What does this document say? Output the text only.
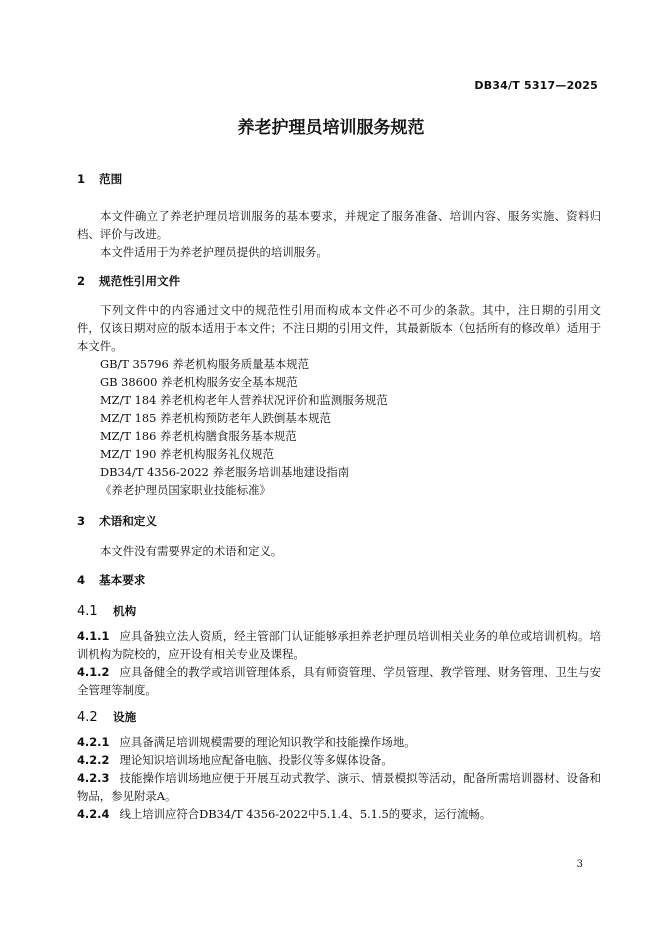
DB34/T 5317—2025
养老护理员培训服务规范

1 范围

本文件确立了养老护理员培训服务的基本要求，并规定了服务准备、培训内容、服务实施、资料归档、评价与改进。

本文件适用于为养老护理员提供的培训服务。

2 规范性引用文件

下列文件中的内容通过文中的规范性引用而构成本文件必不可少的条款。其中，注日期的引用文件，仅该日期对应的版本适用于本文件；不注日期的引用文件，其最新版本（包括所有的修改单）适用于本文件。

GB/T 35796 养老机构服务质量基本规范

GB 38600 养老机构服务安全基本规范

MZ/T 184 养老机构老年人营养状况评价和监测服务规范

MZ/T 185 养老机构预防老年人跌倒基本规范

MZ/T 186 养老机构膳食服务基本规范

MZ/T 190 养老机构服务礼仪规范

DB34/T 4356-2022 养老服务培训基地建设指南

《养老护理员国家职业技能标准》

3 术语和定义

本文件没有需要界定的术语和定义。

4 基本要求

4.1 机构

4.1.1 应具备独立法人资质，经主管部门认证能够承担养老护理员培训相关业务的单位或培训机构。培训机构为院校的，应开设有相关专业及课程。

4.1.2 应具备健全的教学或培训管理体系，具有师资管理、学员管理、教学管理、财务管理、卫生与安全管理等制度。

4.2 设施

4.2.1 应具备满足培训规模需要的理论知识教学和技能操作场地。

4.2.2 理论知识培训场地应配备电脑、投影仪等多媒体设备。

4.2.3 技能操作培训场地应便于开展互动式教学、演示、情景模拟等活动，配备所需培训器材、设备和物品，参见附录A。

4.2.4 线上培训应符合DB34/T 4356-2022中5.1.4、5.1.5的要求，运行流畅。

3
